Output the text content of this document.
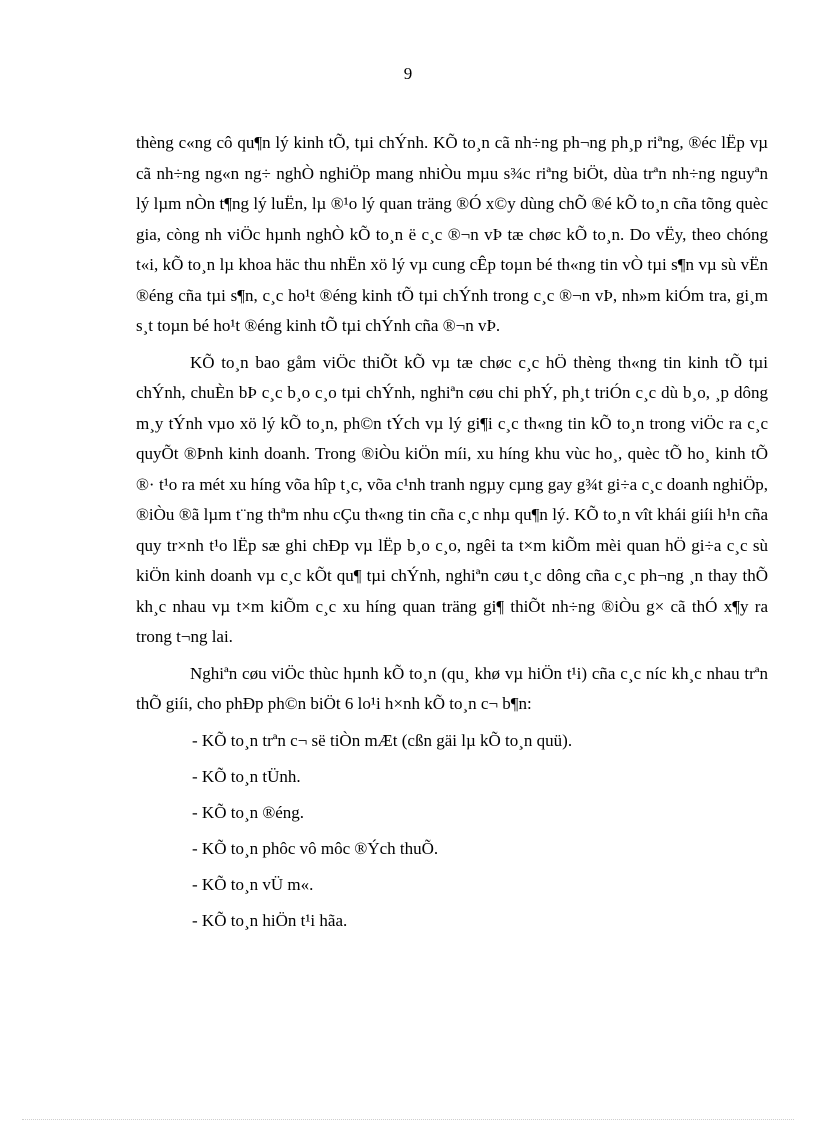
9

thèng c«ng cô qu¶n lý kinh tÕ, tµi chÝnh. KÕ to¸n cã nh÷ng ph¬ng ph¸p riªng, ®éc lËp vµ cã nh÷ng ng«n ng÷ nghÒ nghiÖp mang nhiÒu mµu s¾c riªng biÖt, dùa trªn nh÷ng nguyªn lý lµm nÒn t¶ng lý luËn, lµ ®¹o lý quan träng ®Ó x©y dùng chÕ ®é kÕ to¸n cña tõng quèc gia, còng nh viÖc hµnh nghÒ kÕ to¸n ë c¸c ®¬n vÞ tæ chøc kÕ to¸n. Do vËy, theo chóng t«i, kÕ to¸n lµ khoa häc thu nhËn xö lý vµ cung cÊp toµn bé th«ng tin vÒ tµi s¶n vµ sù vËn ®éng cña tµi s¶n, c¸c ho¹t ®éng kinh tÕ tµi chÝnh trong c¸c ®¬n vÞ, nh»m kiÓm tra, gi¸m s¸t toµn bé ho¹t ®éng kinh tÕ tµi chÝnh cña ®¬n vÞ.

KÕ to¸n bao gåm viÖc thiÕt kÕ vµ tæ chøc c¸c hÖ thèng th«ng tin kinh tÕ tµi chÝnh, chuÈn bÞ c¸c b¸o c¸o tµi chÝnh, nghiªn cøu chi phÝ, ph¸t triÓn c¸c dù b¸o, ¸p dông m¸y tÝnh vµo xö lý kÕ to¸n, ph©n tÝch vµ lý gi¶i c¸c th«ng tin kÕ to¸n trong viÖc ra c¸c quyÕt ®Þnh kinh doanh. Trong ®iÒu kiÖn míi, xu híng khu vùc ho¸, quèc tÕ ho¸ kinh tÕ ®· t¹o ra mét xu híng võa hîp t¸c, võa c¹nh tranh ngµy cµng gay g¾t gi÷a c¸c doanh nghiÖp, ®iÒu ®ã lµm t¨ng thªm nhu cÇu th«ng tin cña c¸c nhµ qu¶n lý. KÕ to¸n vît khái giíi h¹n cña quy tr×nh t¹o lËp sæ ghi chÐp vµ lËp b¸o c¸o, ngêi ta t×m kiÕm mèi quan hÖ gi÷a c¸c sù kiÖn kinh doanh vµ c¸c kÕt qu¶ tµi chÝnh, nghiªn cøu t¸c dông cña c¸c ph¬ng ¸n thay thÕ kh¸c nhau vµ t×m kiÕm c¸c xu híng quan träng gi¶ thiÕt nh÷ng ®iÒu g× cã thÓ x¶y ra trong t¬ng lai.

Nghiªn cøu viÖc thùc hµnh kÕ to¸n (qu¸ khø vµ hiÖn t¹i) cña c¸c níc kh¸c nhau trªn thÕ giíi, cho phÐp ph©n biÖt 6 lo¹i h×nh kÕ to¸n c¬ b¶n:

- KÕ to¸n trªn c¬ së tiÒn mÆt (cßn gäi lµ kÕ to¸n quü).
- KÕ to¸n tÜnh.
- KÕ to¸n ®éng.
- KÕ to¸n phôc vô môc ®Ých thuÕ.
- KÕ to¸n vÜ m«.
- KÕ to¸n hiÖn t¹i hãa.
